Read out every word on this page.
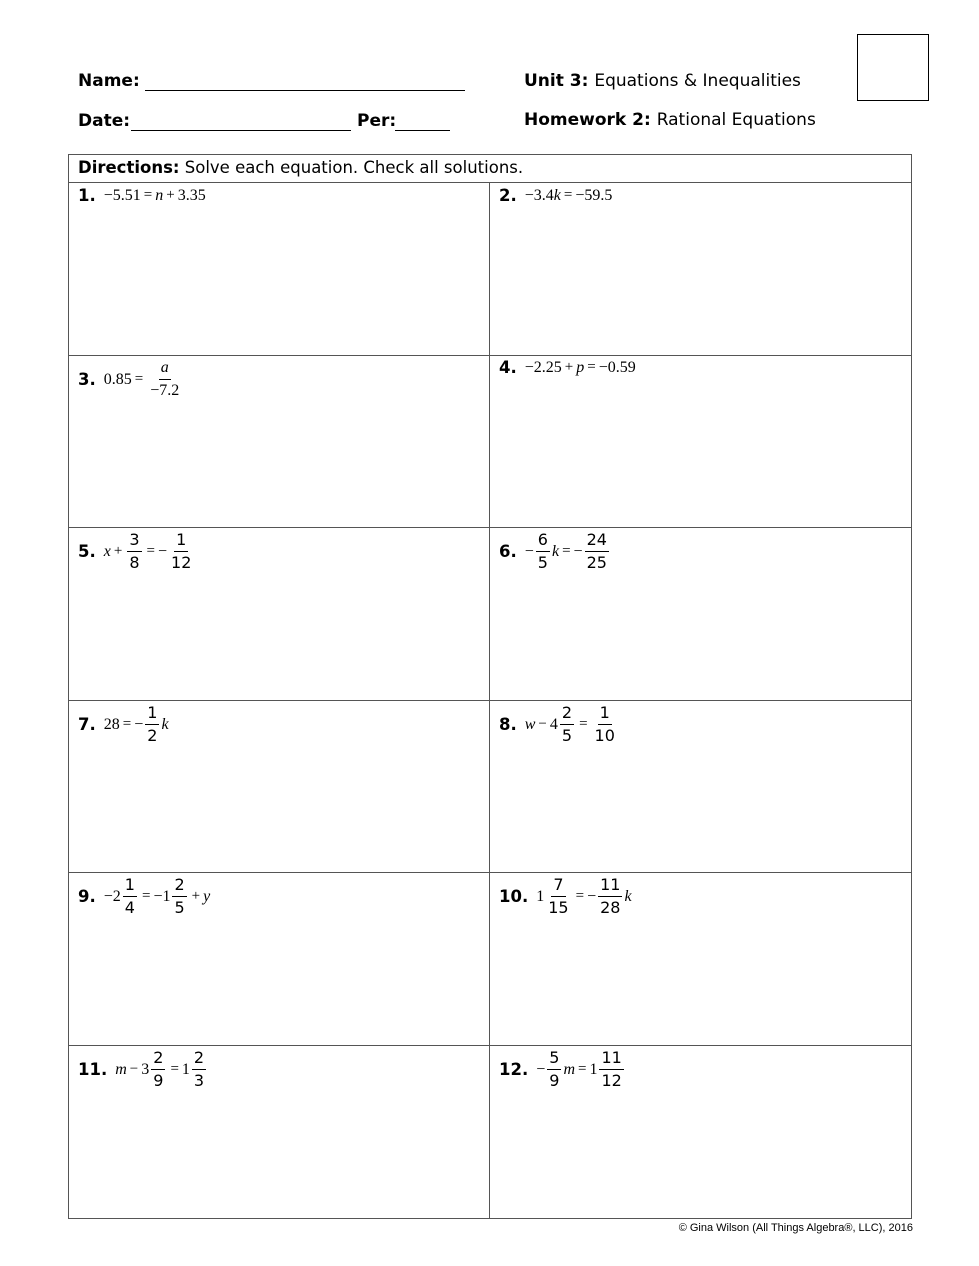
Name:
Date:	Per:
Unit 3: Equations & Inequalities
Homework 2: Rational Equations
Directions: Solve each equation. Check all solutions.
1. −5.51 = n + 3.35	2. −3.4 k = −59.5
3. $0.85 = \frac{a}{-7.2}$	4. −2.25 + p = −0.59
5. $x + \frac{3}{8}$ = − $\frac{1}{12}$	6. − $\frac{6}{5}$ k = − $\frac{24}{25}$
7. 28 = − $\frac{1}{2}$ k	8. $w - 4 \frac{2}{5} = \frac{1}{10}$
9. $-2 \frac{1}{4} = -1 \frac{2}{5} + y$	10. $1 \frac{7}{15}$ = − $\frac{11}{28}$ k
11. $m - 3 \frac{2}{9} = 1 \frac{2}{3}$	12. − $\frac{5}{9}$ $m = 1 \frac{11}{12}$
© Gina Wilson (All Things Algebra®, LLC), 2016
